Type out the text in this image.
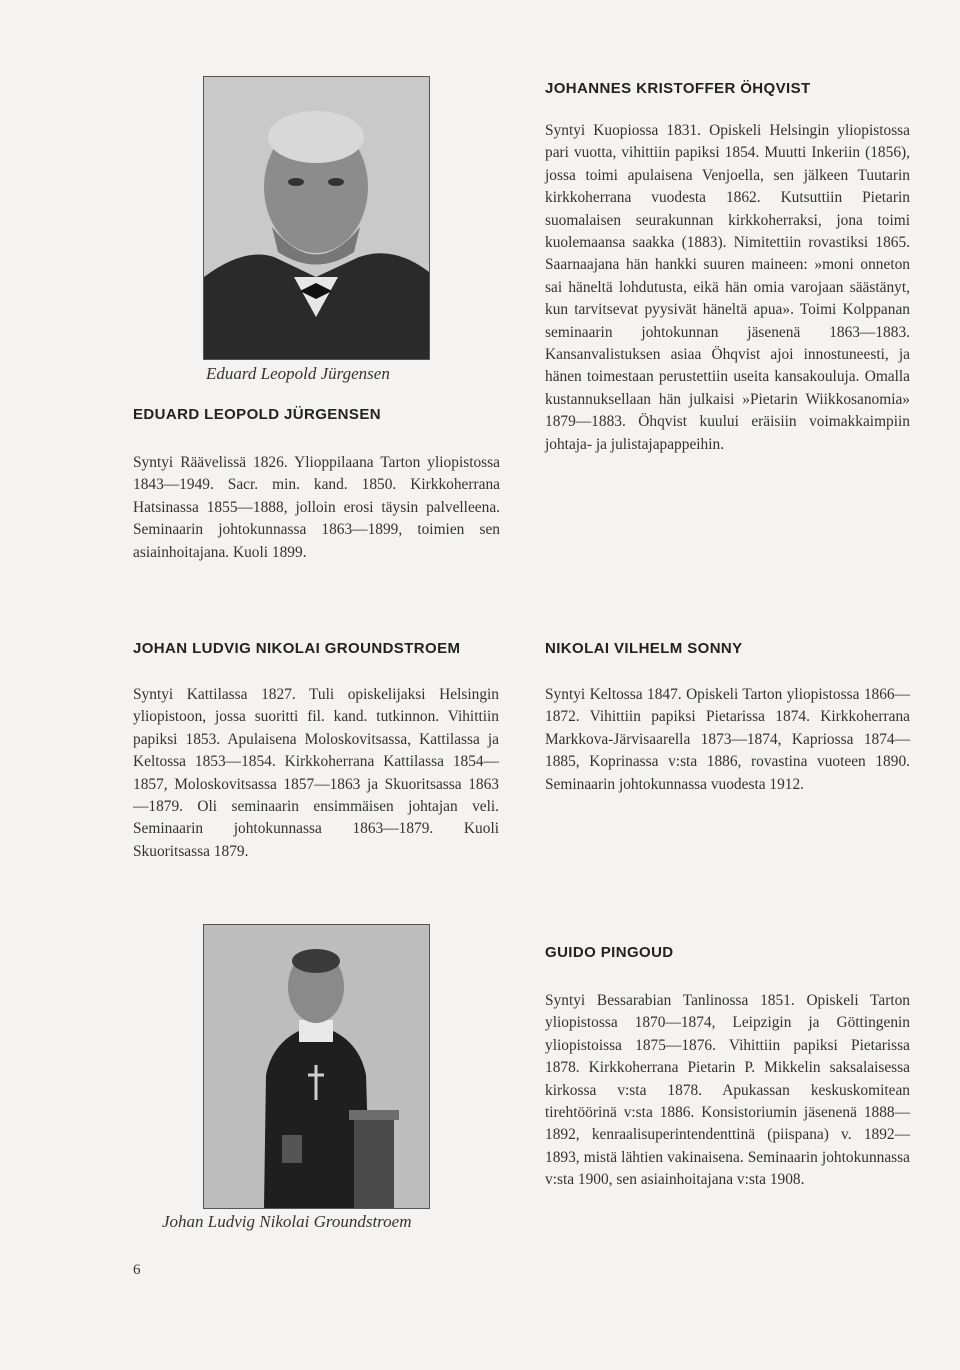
Eduard Leopold Jürgensen
EDUARD LEOPOLD JÜRGENSEN
Syntyi Räävelissä 1826. Ylioppilaana Tarton yliopistossa 1843—1949. Sacr. min. kand. 1850. Kirkkoherrana Hatsinassa 1855—1888, jolloin erosi täysin palvelleena. Seminaarin johtokunnassa 1863—1899, toimien sen asiainhoitajana. Kuoli 1899.
JOHAN LUDVIG NIKOLAI GROUNDSTROEM
Syntyi Kattilassa 1827. Tuli opiskelijaksi Helsingin yliopistoon, jossa suoritti fil. kand. tutkinnon. Vihittiin papiksi 1853. Apulaisena Moloskovitsassa, Kattilassa ja Keltossa 1853—1854. Kirkkoherrana Kattilassa 1854—1857, Moloskovitsassa 1857—1863 ja Skuoritsassa 1863—1879. Oli seminaarin ensimmäisen johtajan veli. Seminaarin johtokunnassa 1863—1879. Kuoli Skuoritsassa 1879.
Johan Ludvig Nikolai Groundstroem
JOHANNES KRISTOFFER ÖHQVIST
Syntyi Kuopiossa 1831. Opiskeli Helsingin yliopistossa pari vuotta, vihittiin papiksi 1854. Muutti Inkeriin (1856), jossa toimi apulaisena Venjoella, sen jälkeen Tuutarin kirkkoherrana vuodesta 1862. Kutsuttiin Pietarin suomalaisen seurakunnan kirkkoherraksi, jona toimi kuolemaansa saakka (1883). Nimitettiin rovastiksi 1865. Saarnaajana hän hankki suuren maineen: »moni onneton sai häneltä lohdutusta, eikä hän omia varojaan säästänyt, kun tarvitsevat pyysivät häneltä apua». Toimi Kolppanan seminaarin johtokunnan jäsenenä 1863—1883. Kansanvalistuksen asiaa Öhqvist ajoi innostuneesti, ja hänen toimestaan perustettiin useita kansakouluja. Omalla kustannuksellaan hän julkaisi »Pietarin Wiikkosanomia» 1879—1883. Öhqvist kuului eräisiin voimakkaimpiin johtaja- ja julistajapappeihin.
NIKOLAI VILHELM SONNY
Syntyi Keltossa 1847. Opiskeli Tarton yliopistossa 1866—1872. Vihittiin papiksi Pietarissa 1874. Kirkkoherrana Markkova-Järvisaarella 1873—1874, Kapriossa 1874—1885, Koprinassa v:sta 1886, rovastina vuoteen 1890. Seminaarin johtokunnassa vuodesta 1912.
GUIDO PINGOUD
Syntyi Bessarabian Tanlinossa 1851. Opiskeli Tarton yliopistossa 1870—1874, Leipzigin ja Göttingenin yliopistoissa 1875—1876. Vihittiin papiksi Pietarissa 1878. Kirkkoherrana Pietarin P. Mikkelin saksalaisessa kirkossa v:sta 1878. Apukassan keskuskomitean tirehtöörinä v:sta 1886. Konsistoriumin jäsenenä 1888—1892, kenraalisuperintendenttinä (piispana) v. 1892—1893, mistä lähtien vakinaisena. Seminaarin johtokunnassa v:sta 1900, sen asiainhoitajana v:sta 1908.
6
